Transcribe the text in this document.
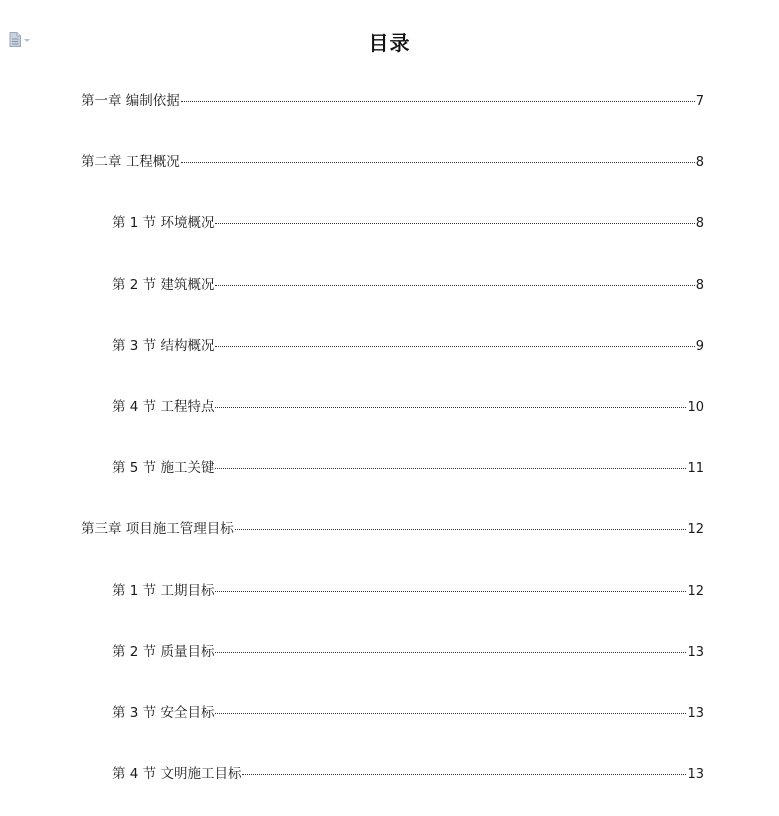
目录
第一章 编制依据	7
第二章 工程概况	8
第 1 节 环境概况	8
第 2 节 建筑概况	8
第 3 节 结构概况	9
第 4 节 工程特点	10
第 5 节 施工关键	11
第三章 项目施工管理目标	12
第 1 节 工期目标	12
第 2 节 质量目标	13
第 3 节 安全目标	13
第 4 节 文明施工目标	13
